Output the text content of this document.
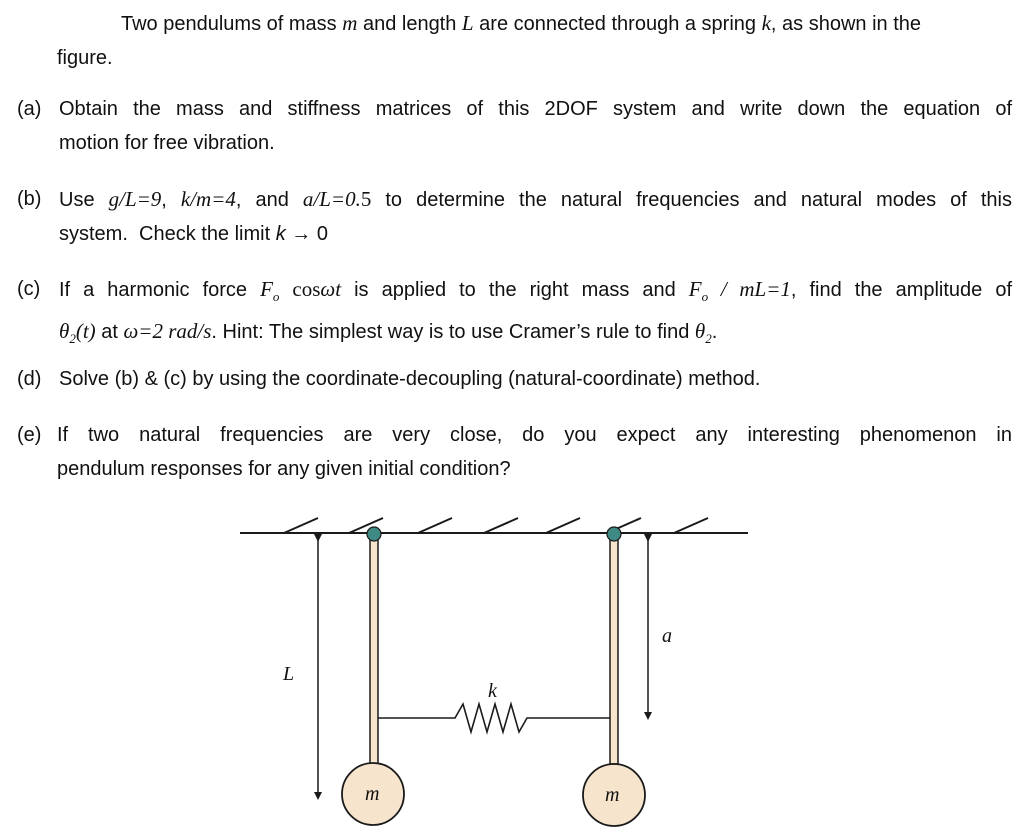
Two pendulums of mass m and length L are connected through a spring k, as shown in the
figure.

(a) Obtain the mass and stiffness matrices of this 2DOF system and write down the equation of
motion for free vibration.
(b) Use g/L=9, k/m=4, and a/L=0.5 to determine the natural frequencies and natural modes of this
system.  Check the limit k → 0
(c) If a harmonic force $F_o$ cosωt is applied to the right mass and $F_o / mL=1$, find the amplitude of
$\theta_2(t)$ at ω=2 rad/s. Hint: The simplest way is to use Cramer’s rule to find $\theta_2$.
(d) Solve (b) & (c) by using the coordinate-decoupling (natural-coordinate) method.
(e) If two natural frequencies are very close, do you expect any interesting phenomenon in
pendulum responses for any given initial condition?
L
a
m	m
k
